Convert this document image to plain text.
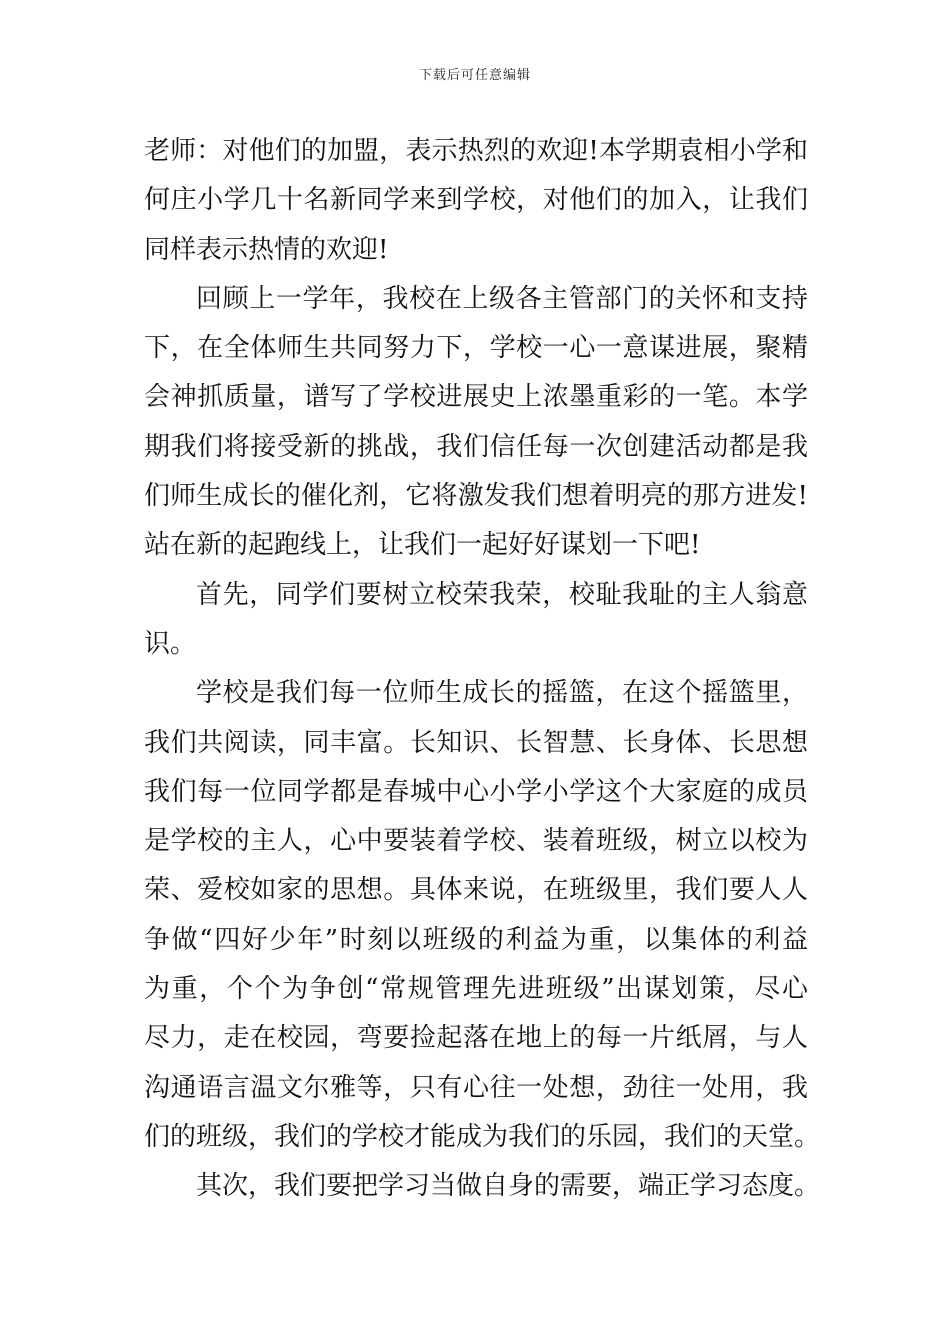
下载后可任意编辑
老师：对他们的加盟，表示热烈的欢迎!本学期袁相小学和
何庄小学几十名新同学来到学校，对他们的加入，让我们
同样表示热情的欢迎!
回顾上一学年，我校在上级各主管部门的关怀和支持
下，在全体师生共同努力下，学校一心一意谋进展，聚精
会神抓质量，谱写了学校进展史上浓墨重彩的一笔。本学
期我们将接受新的挑战，我们信任每一次创建活动都是我
们师生成长的催化剂，它将激发我们想着明亮的那方进发!
站在新的起跑线上，让我们一起好好谋划一下吧!
首先，同学们要树立校荣我荣，校耻我耻的主人翁意
识。
学校是我们每一位师生成长的摇篮，在这个摇篮里，
我们共阅读，同丰富。长知识、长智慧、长身体、长思想
我们每一位同学都是春城中心小学小学这个大家庭的成员
是学校的主人，心中要装着学校、装着班级，树立以校为
荣、爱校如家的思想。具体来说，在班级里，我们要人人
争做“四好少年”时刻以班级的利益为重，以集体的利益
为重，个个为争创“常规管理先进班级”出谋划策，尽心
尽力，走在校园，弯要捡起落在地上的每一片纸屑，与人
沟通语言温文尔雅等，只有心往一处想，劲往一处用，我
们的班级，我们的学校才能成为我们的乐园，我们的天堂。
其次，我们要把学习当做自身的需要，端正学习态度。
